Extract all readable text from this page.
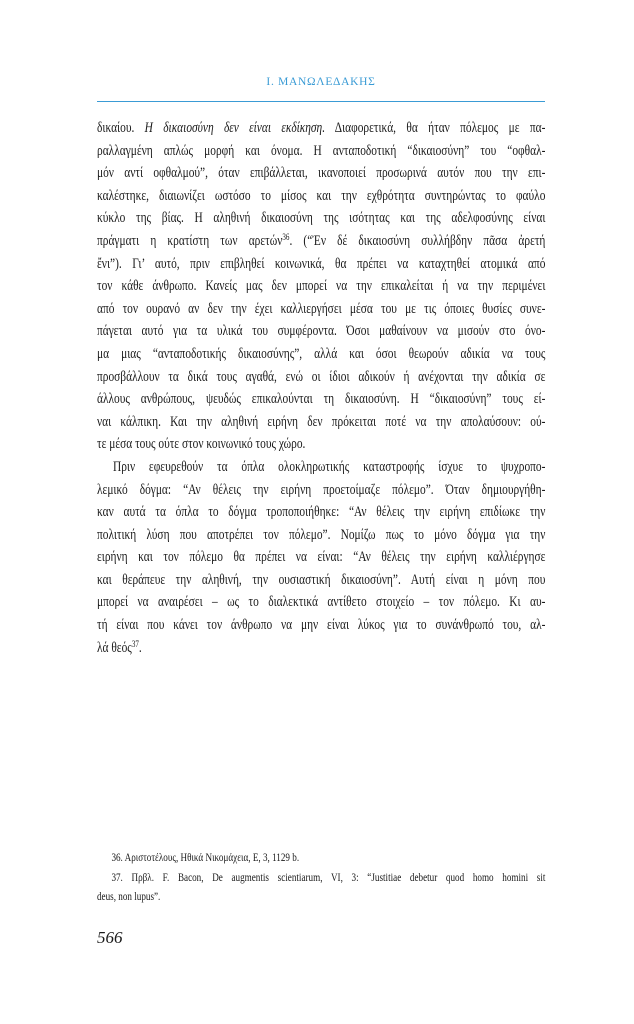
Ι. ΜΑΝΩΛΕΔΑΚΗΣ
δικαίου. Η δικαιοσύνη δεν είναι εκδίκηση. Διαφορετικά, θα ήταν πόλεμος με πα-
ραλλαγμένη απλώς μορφή και όνομα. Η ανταποδοτική “δικαιοσύνη” του “οφθαλ-
μόν αντί οφθαλμού”, όταν επιβάλλεται, ικανοποιεί προσωρινά αυτόν που την επι-
καλέστηκε, διαιωνίζει ωστόσο το μίσος και την εχθρότητα συντηρώντας το φαύλο
κύκλο της βίας. Η αληθινή δικαιοσύνη της ισότητας και της αδελφοσύνης είναι
πράγματι η κρατίστη των αρετών$^{36}$. (“Ἐν δέ δικαιοσύνη συλλήβδην πᾶσα ἀρετή
ἔνι”). Γι’ αυτό, πριν επιβληθεί κοινωνικά, θα πρέπει να καταχτηθεί ατομικά από
τον κάθε άνθρωπο. Κανείς μας δεν μπορεί να την επικαλείται ή να την περιμένει
από τον ουρανό αν δεν την έχει καλλιεργήσει μέσα του με τις όποιες θυσίες συνε-
πάγεται αυτό για τα υλικά του συμφέροντα. Όσοι μαθαίνουν να μισούν στο όνο-
μα μιας “ανταποδοτικής δικαιοσύνης”, αλλά και όσοι θεωρούν αδικία να τους
προσβάλλουν τα δικά τους αγαθά, ενώ οι ίδιοι αδικούν ή ανέχονται την αδικία σε
άλλους ανθρώπους, ψευδώς επικαλούνται τη δικαιοσύνη. Η “δικαιοσύνη” τους εί-
ναι κάλπικη. Και την αληθινή ειρήνη δεν πρόκειται ποτέ να την απολαύσουν: ού-
τε μέσα τους ούτε στον κοινωνικό τους χώρο.
Πριν εφευρεθούν τα όπλα ολοκληρωτικής καταστροφής ίσχυε το ψυχροπο-
λεμικό δόγμα: “Αν θέλεις την ειρήνη προετοίμαζε πόλεμο”. Όταν δημιουργήθη-
καν αυτά τα όπλα το δόγμα τροποποιήθηκε: “Αν θέλεις την ειρήνη επιδίωκε την
πολιτική λύση που αποτρέπει τον πόλεμο”. Νομίζω πως το μόνο δόγμα για την
ειρήνη και τον πόλεμο θα πρέπει να είναι: “Αν θέλεις την ειρήνη καλλιέργησε
και θεράπευε την αληθινή, την ουσιαστική δικαιοσύνη”. Αυτή είναι η μόνη που
μπορεί να αναιρέσει – ως το διαλεκτικά αντίθετο στοιχείο – τον πόλεμο. Κι αυ-
τή είναι που κάνει τον άνθρωπο να μην είναι λύκος για το συνάνθρωπό του, αλ-
λά θεός$^{37}$.
36. Αριστοτέλους, Ηθικά Νικομάχεια, Ε, 3, 1129 b.
37. Πρβλ. F. Bacon, De augmentis scientiarum, VI, 3: “Justitiae debetur quod homo homini sit
deus, non lupus”.
566
